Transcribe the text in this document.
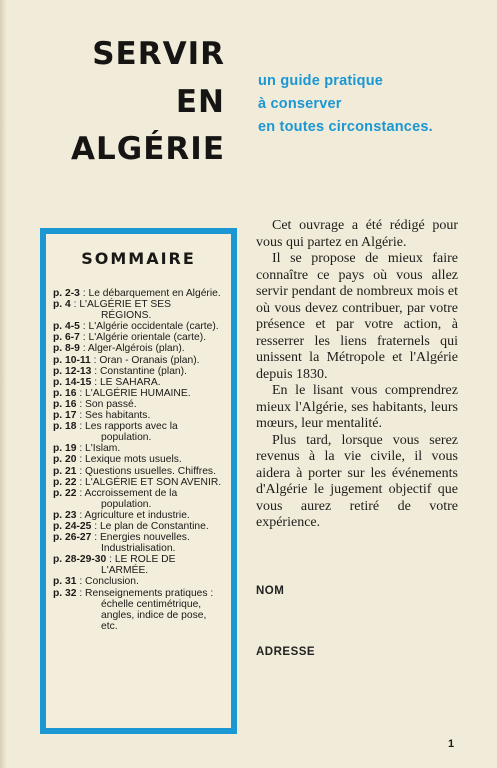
SERVIR
EN
ALGÉRIE
un guide pratique
à conserver
en toutes circonstances.
SOMMAIRE
p. 2-3 : Le débarquement en Algérie.
p. 4 : L'ALGÉRIE ET SES RÉGIONS.
p. 4-5 : L'Algérie occidentale (carte).
p. 6-7 : L'Algérie orientale (carte).
p. 8-9 : Alger-Algérois (plan).
p. 10-11 : Oran - Oranais (plan).
p. 12-13 : Constantine (plan).
p. 14-15 : LE SAHARA.
p. 16 : L'ALGÉRIE HUMAINE.
p. 16 : Son passé.
p. 17 : Ses habitants.
p. 18 : Les rapports avec la population.
p. 19 : L'Islam.
p. 20 : Lexique mots usuels.
p. 21 : Questions usuelles. Chiffres.
p. 22 : L'ALGÉRIE ET SON AVENIR.
p. 22 : Accroissement de la population.
p. 23 : Agriculture et industrie.
p. 24-25 : Le plan de Constantine.
p. 26-27 : Energies nouvelles. Industrialisation.
p. 28-29-30 : LE ROLE DE L'ARMÉE.
p. 31 : Conclusion.
p. 32 : Renseignements pratiques : échelle centimétrique, angles, indice de pose, etc.

Cet ouvrage a été rédigé pour vous qui partez en Algérie.

Il se propose de mieux faire connaître ce pays où vous allez servir pendant de nombreux mois et où vous devez contribuer, par votre présence et par votre action, à resserrer les liens fraternels qui unissent la Métropole et l'Algérie depuis 1830.

En le lisant vous comprendrez mieux l'Algérie, ses habitants, leurs mœurs, leur mentalité.

Plus tard, lorsque vous serez revenus à la vie civile, il vous aidera à porter sur les événements d'Algérie le jugement objectif que vous aurez retiré de votre expérience.

NOM
ADRESSE
1
